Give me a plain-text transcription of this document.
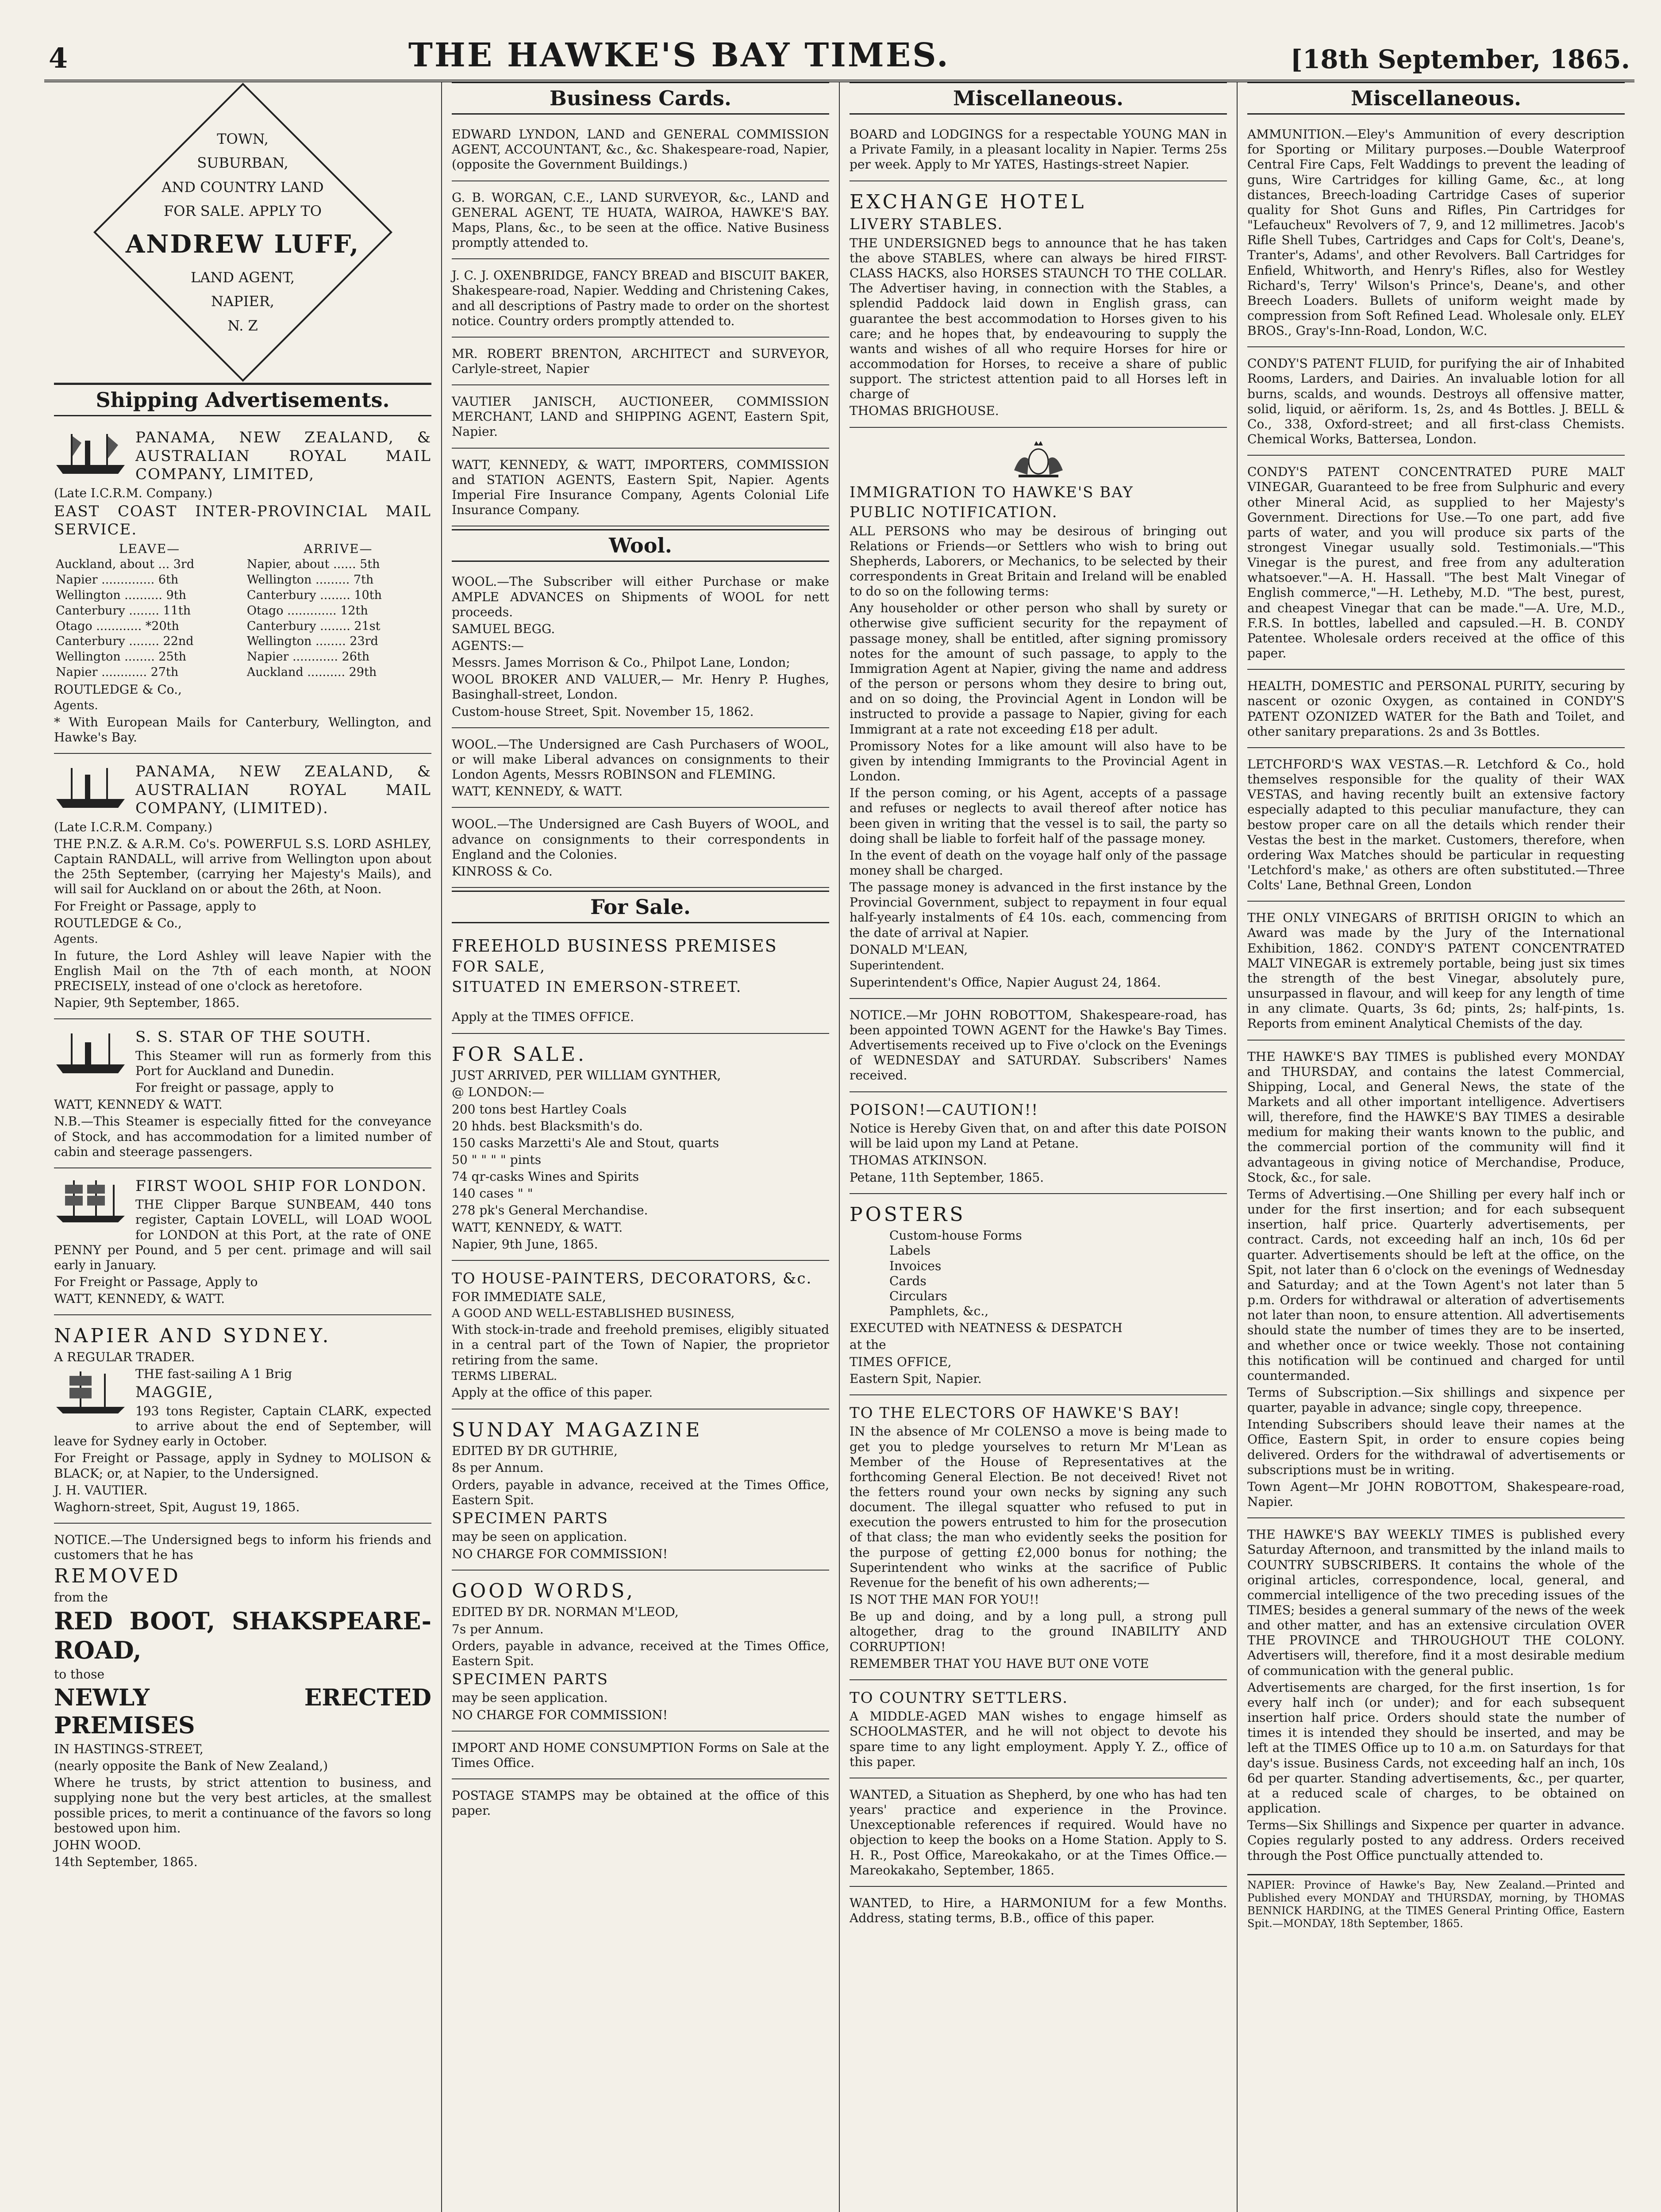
4	THE HAWKE'S BAY TIMES.	[18th September, 1865.
TOWN,
SUBURBAN,
AND COUNTRY LAND
FOR SALE. APPLY TO
ANDREW LUFF,
LAND AGENT,
NAPIER,
N. Z
Shipping Advertisements.

PANAMA, NEW ZEALAND, & AUSTRALIAN ROYAL MAIL COMPANY, LIMITED,

(Late I.C.R.M. Company.)

EAST COAST INTER-PROVINCIAL MAIL SERVICE.

LEAVE—	ARRIVE—
Auckland, about ... 3rd	Napier, about ...... 5th
Napier .............. 6th	Wellington ......... 7th
Wellington .......... 9th	Canterbury ........ 10th
Canterbury ........ 11th	Otago ............. 12th
Otago ............ *20th	Canterbury ........ 21st
Canterbury ........ 22nd	Wellington ........ 23rd
Wellington ........ 25th	Napier ............ 26th
Napier ............ 27th	Auckland .......... 29th

ROUTLEDGE & Co.,

Agents.

* With European Mails for Canterbury, Wellington, and Hawke's Bay.

PANAMA, NEW ZEALAND, & AUSTRALIAN ROYAL MAIL COMPANY, (LIMITED).

(Late I.C.R.M. Company.)

THE P.N.Z. & A.R.M. Co's. POWERFUL S.S. LORD ASHLEY, Captain RANDALL, will arrive from Wellington upon about the 25th September, (carrying her Majesty's Mails), and will sail for Auckland on or about the 26th, at Noon.

For Freight or Passage, apply to

ROUTLEDGE & Co.,

Agents.

In future, the Lord Ashley will leave Napier with the English Mail on the 7th of each month, at NOON PRECISELY, instead of one o'clock as heretofore.

Napier, 9th September, 1865.

S. S. STAR OF THE SOUTH.

This Steamer will run as formerly from this Port for Auckland and Dunedin.

For freight or passage, apply to

WATT, KENNEDY & WATT.

N.B.—This Steamer is especially fitted for the conveyance of Stock, and has accommodation for a limited number of cabin and steerage passengers.

FIRST WOOL SHIP FOR LONDON.

THE Clipper Barque SUNBEAM, 440 tons register, Captain LOVELL, will LOAD WOOL for LONDON at this Port, at the rate of ONE PENNY per Pound, and 5 per cent. primage and will sail early in January.

For Freight or Passage, Apply to

WATT, KENNEDY, & WATT.

NAPIER AND SYDNEY.

A REGULAR TRADER.

THE fast-sailing A 1 Brig

MAGGIE,

193 tons Register, Captain CLARK, expected to arrive about the end of September, will leave for Sydney early in October.

For Freight or Passage, apply in Sydney to MOLISON & BLACK; or, at Napier, to the Undersigned.

J. H. VAUTIER.

Waghorn-street, Spit, August 19, 1865.

NOTICE.—The Undersigned begs to inform his friends and customers that he has

REMOVED

from the

RED BOOT, SHAKSPEARE-ROAD,

to those

NEWLY ERECTED PREMISES

IN HASTINGS-STREET,

(nearly opposite the Bank of New Zealand,)

Where he trusts, by strict attention to business, and supplying none but the very best articles, at the smallest possible prices, to merit a continuance of the favors so long bestowed upon him.

JOHN WOOD.

14th September, 1865.

Business Cards.

EDWARD LYNDON, LAND and GENERAL COMMISSION AGENT, ACCOUNTANT, &c., &c. Shakespeare-road, Napier, (opposite the Government Buildings.)

G. B. WORGAN, C.E., LAND SURVEYOR, &c., LAND and GENERAL AGENT, TE HUATA, WAIROA, HAWKE'S BAY. Maps, Plans, &c., to be seen at the office. Native Business promptly attended to.

J. C. J. OXENBRIDGE, FANCY BREAD and BISCUIT BAKER, Shakespeare-road, Napier. Wedding and Christening Cakes, and all descriptions of Pastry made to order on the shortest notice. Country orders promptly attended to.

MR. ROBERT BRENTON, ARCHITECT and SURVEYOR, Carlyle-street, Napier

VAUTIER JANISCH, AUCTIONEER, COMMISSION MERCHANT, LAND and SHIPPING AGENT, Eastern Spit, Napier.

WATT, KENNEDY, & WATT, IMPORTERS, COMMISSION and STATION AGENTS, Eastern Spit, Napier. Agents Imperial Fire Insurance Company, Agents Colonial Life Insurance Company.

Wool.

WOOL.—The Subscriber will either Purchase or make AMPLE ADVANCES on Shipments of WOOL for nett proceeds.

SAMUEL BEGG.

AGENTS:—

Messrs. James Morrison & Co., Philpot Lane, London;

WOOL BROKER AND VALUER,— Mr. Henry P. Hughes, Basinghall-street, London.

Custom-house Street, Spit. November 15, 1862.

WOOL.—The Undersigned are Cash Purchasers of WOOL, or will make Liberal advances on consignments to their London Agents, Messrs ROBINSON and FLEMING.

WATT, KENNEDY, & WATT.

WOOL.—The Undersigned are Cash Buyers of WOOL, and advance on consignments to their correspondents in England and the Colonies.

KINROSS & Co.

For Sale.

FREEHOLD BUSINESS PREMISES

FOR SALE,

SITUATED IN EMERSON-STREET.

Apply at the TIMES OFFICE.

FOR SALE.

JUST ARRIVED, PER WILLIAM GYNTHER,

@ LONDON:—

200 tons best Hartley Coals

20 hhds. best Blacksmith's do.

150 casks Marzetti's Ale and Stout, quarts

50 " " " " pints

74 qr-casks Wines and Spirits

140 cases " "

278 pk's General Merchandise.

WATT, KENNEDY, & WATT.

Napier, 9th June, 1865.

TO HOUSE-PAINTERS, DECORATORS, &c.

FOR IMMEDIATE SALE,

A GOOD AND WELL-ESTABLISHED BUSINESS,

With stock-in-trade and freehold premises, eligibly situated in a central part of the Town of Napier, the proprietor retiring from the same.

TERMS LIBERAL.

Apply at the office of this paper.

SUNDAY MAGAZINE

EDITED BY DR GUTHRIE,

8s per Annum.

Orders, payable in advance, received at the Times Office, Eastern Spit.

SPECIMEN PARTS

may be seen on application.

NO CHARGE FOR COMMISSION!

GOOD WORDS,

EDITED BY DR. NORMAN M'LEOD,

7s per Annum.

Orders, payable in advance, received at the Times Office, Eastern Spit.

SPECIMEN PARTS

may be seen application.

NO CHARGE FOR COMMISSION!

IMPORT AND HOME CONSUMPTION Forms on Sale at the Times Office.

POSTAGE STAMPS may be obtained at the office of this paper.

Miscellaneous.

BOARD and LODGINGS for a respectable YOUNG MAN in a Private Family, in a pleasant locality in Napier. Terms 25s per week. Apply to Mr YATES, Hastings-street Napier.

EXCHANGE HOTEL

LIVERY STABLES.

THE UNDERSIGNED begs to announce that he has taken the above STABLES, where can always be hired FIRST-CLASS HACKS, also HORSES STAUNCH TO THE COLLAR. The Advertiser having, in connection with the Stables, a splendid Paddock laid down in English grass, can guarantee the best accommodation to Horses given to his care; and he hopes that, by endeavouring to supply the wants and wishes of all who require Horses for hire or accommodation for Horses, to receive a share of public support. The strictest attention paid to all Horses left in charge of

THOMAS BRIGHOUSE.

IMMIGRATION TO HAWKE'S BAY

PUBLIC NOTIFICATION.

ALL PERSONS who may be desirous of bringing out Relations or Friends—or Settlers who wish to bring out Shepherds, Laborers, or Mechanics, to be selected by their correspondents in Great Britain and Ireland will be enabled to do so on the following terms:

Any householder or other person who shall by surety or otherwise give sufficient security for the repayment of passage money, shall be entitled, after signing promissory notes for the amount of such passage, to apply to the Immigration Agent at Napier, giving the name and address of the person or persons whom they desire to bring out, and on so doing, the Provincial Agent in London will be instructed to provide a passage to Napier, giving for each Immigrant at a rate not exceeding £18 per adult.

Promissory Notes for a like amount will also have to be given by intending Immigrants to the Provincial Agent in London.

If the person coming, or his Agent, accepts of a passage and refuses or neglects to avail thereof after notice has been given in writing that the vessel is to sail, the party so doing shall be liable to forfeit half of the passage money.

In the event of death on the voyage half only of the passage money shall be charged.

The passage money is advanced in the first instance by the Provincial Government, subject to repayment in four equal half-yearly instalments of £4 10s. each, commencing from the date of arrival at Napier.

DONALD M'LEAN,

Superintendent.

Superintendent's Office, Napier August 24, 1864.

NOTICE.—Mr JOHN ROBOTTOM, Shakespeare-road, has been appointed TOWN AGENT for the Hawke's Bay Times. Advertisements received up to Five o'clock on the Evenings of WEDNESDAY and SATURDAY. Subscribers' Names received.

POISON!—CAUTION!!

Notice is Hereby Given that, on and after this date POISON will be laid upon my Land at Petane.

THOMAS ATKINSON.

Petane, 11th September, 1865.

POSTERS

Custom-house Forms
Labels
Invoices
Cards
Circulars
Pamphlets, &c.,

EXECUTED with NEATNESS & DESPATCH

at the

TIMES OFFICE,

Eastern Spit, Napier.

TO THE ELECTORS OF HAWKE'S BAY!

IN the absence of Mr COLENSO a move is being made to get you to pledge yourselves to return Mr M'Lean as Member of the House of Representatives at the forthcoming General Election. Be not deceived! Rivet not the fetters round your own necks by signing any such document. The illegal squatter who refused to put in execution the powers entrusted to him for the prosecution of that class; the man who evidently seeks the position for the purpose of getting £2,000 bonus for nothing; the Superintendent who winks at the sacrifice of Public Revenue for the benefit of his own adherents;—

IS NOT THE MAN FOR YOU!!

Be up and doing, and by a long pull, a strong pull altogether, drag to the ground INABILITY AND CORRUPTION!

REMEMBER THAT YOU HAVE BUT ONE VOTE

TO COUNTRY SETTLERS.

A MIDDLE-AGED MAN wishes to engage himself as SCHOOLMASTER, and he will not object to devote his spare time to any light employment. Apply Y. Z., office of this paper.

WANTED, a Situation as Shepherd, by one who has had ten years' practice and experience in the Province. Unexceptionable references if required. Would have no objection to keep the books on a Home Station. Apply to S. H. R., Post Office, Mareokakaho, or at the Times Office.—Mareokakaho, September, 1865.

WANTED, to Hire, a HARMONIUM for a few Months. Address, stating terms, B.B., office of this paper.

Miscellaneous.

AMMUNITION.—Eley's Ammunition of every description for Sporting or Military purposes.—Double Waterproof Central Fire Caps, Felt Waddings to prevent the leading of guns, Wire Cartridges for killing Game, &c., at long distances, Breech-loading Cartridge Cases of superior quality for Shot Guns and Rifles, Pin Cartridges for "Lefaucheux" Revolvers of 7, 9, and 12 millimetres. Jacob's Rifle Shell Tubes, Cartridges and Caps for Colt's, Deane's, Tranter's, Adams', and other Revolvers. Ball Cartridges for Enfield, Whitworth, and Henry's Rifles, also for Westley Richard's, Terry' Wilson's Prince's, Deane's, and other Breech Loaders. Bullets of uniform weight made by compression from Soft Refined Lead. Wholesale only. ELEY BROS., Gray's-Inn-Road, London, W.C.

CONDY'S PATENT FLUID, for purifying the air of Inhabited Rooms, Larders, and Dairies. An invaluable lotion for all burns, scalds, and wounds. Destroys all offensive matter, solid, liquid, or aëriform. 1s, 2s, and 4s Bottles. J. BELL & Co., 338, Oxford-street; and all first-class Chemists. Chemical Works, Battersea, London.

CONDY'S PATENT CONCENTRATED PURE MALT VINEGAR, Guaranteed to be free from Sulphuric and every other Mineral Acid, as supplied to her Majesty's Government. Directions for Use.—To one part, add five parts of water, and you will produce six parts of the strongest Vinegar usually sold. Testimonials.—"This Vinegar is the purest, and free from any adulteration whatsoever."—A. H. Hassall. "The best Malt Vinegar of English commerce,"—H. Letheby, M.D. "The best, purest, and cheapest Vinegar that can be made."—A. Ure, M.D., F.R.S. In bottles, labelled and capsuled.—H. B. CONDY Patentee. Wholesale orders received at the office of this paper.

HEALTH, DOMESTIC and PERSONAL PURITY, securing by nascent or ozonic Oxygen, as contained in CONDY'S PATENT OZONIZED WATER for the Bath and Toilet, and other sanitary preparations. 2s and 3s Bottles.

LETCHFORD'S WAX VESTAS.—R. Letchford & Co., hold themselves responsible for the quality of their WAX VESTAS, and having recently built an extensive factory especially adapted to this peculiar manufacture, they can bestow proper care on all the details which render their Vestas the best in the market. Customers, therefore, when ordering Wax Matches should be particular in requesting 'Letchford's make,' as others are often substituted.—Three Colts' Lane, Bethnal Green, London

THE ONLY VINEGARS of BRITISH ORIGIN to which an Award was made by the Jury of the International Exhibition, 1862. CONDY'S PATENT CONCENTRATED MALT VINEGAR is extremely portable, being just six times the strength of the best Vinegar, absolutely pure, unsurpassed in flavour, and will keep for any length of time in any climate. Quarts, 3s 6d; pints, 2s; half-pints, 1s. Reports from eminent Analytical Chemists of the day.

THE HAWKE'S BAY TIMES is published every MONDAY and THURSDAY, and contains the latest Commercial, Shipping, Local, and General News, the state of the Markets and all other important intelligence. Advertisers will, therefore, find the HAWKE'S BAY TIMES a desirable medium for making their wants known to the public, and the commercial portion of the community will find it advantageous in giving notice of Merchandise, Produce, Stock, &c., for sale.

Terms of Advertising.—One Shilling per every half inch or under for the first insertion; and for each subsequent insertion, half price. Quarterly advertisements, per contract. Cards, not exceeding half an inch, 10s 6d per quarter. Advertisements should be left at the office, on the Spit, not later than 6 o'clock on the evenings of Wednesday and Saturday; and at the Town Agent's not later than 5 p.m. Orders for withdrawal or alteration of advertisements not later than noon, to ensure attention. All advertisements should state the number of times they are to be inserted, and whether once or twice weekly. Those not containing this notification will be continued and charged for until countermanded.

Terms of Subscription.—Six shillings and sixpence per quarter, payable in advance; single copy, threepence.

Intending Subscribers should leave their names at the Office, Eastern Spit, in order to ensure copies being delivered. Orders for the withdrawal of advertisements or subscriptions must be in writing.

Town Agent—Mr JOHN ROBOTTOM, Shakespeare-road, Napier.

THE HAWKE'S BAY WEEKLY TIMES is published every Saturday Afternoon, and transmitted by the inland mails to COUNTRY SUBSCRIBERS. It contains the whole of the original articles, correspondence, local, general, and commercial intelligence of the two preceding issues of the TIMES; besides a general summary of the news of the week and other matter, and has an extensive circulation OVER THE PROVINCE and THROUGHOUT THE COLONY. Advertisers will, therefore, find it a most desirable medium of communication with the general public.

Advertisements are charged, for the first insertion, 1s for every half inch (or under); and for each subsequent insertion half price. Orders should state the number of times it is intended they should be inserted, and may be left at the TIMES Office up to 10 a.m. on Saturdays for that day's issue. Business Cards, not exceeding half an inch, 10s 6d per quarter. Standing advertisements, &c., per quarter, at a reduced scale of charges, to be obtained on application.

Terms—Six Shillings and Sixpence per quarter in advance. Copies regularly posted to any address. Orders received through the Post Office punctually attended to.

NAPIER: Province of Hawke's Bay, New Zealand.—Printed and Published every MONDAY and THURSDAY, morning, by THOMAS BENNICK HARDING, at the TIMES General Printing Office, Eastern Spit.—MONDAY, 18th September, 1865.
